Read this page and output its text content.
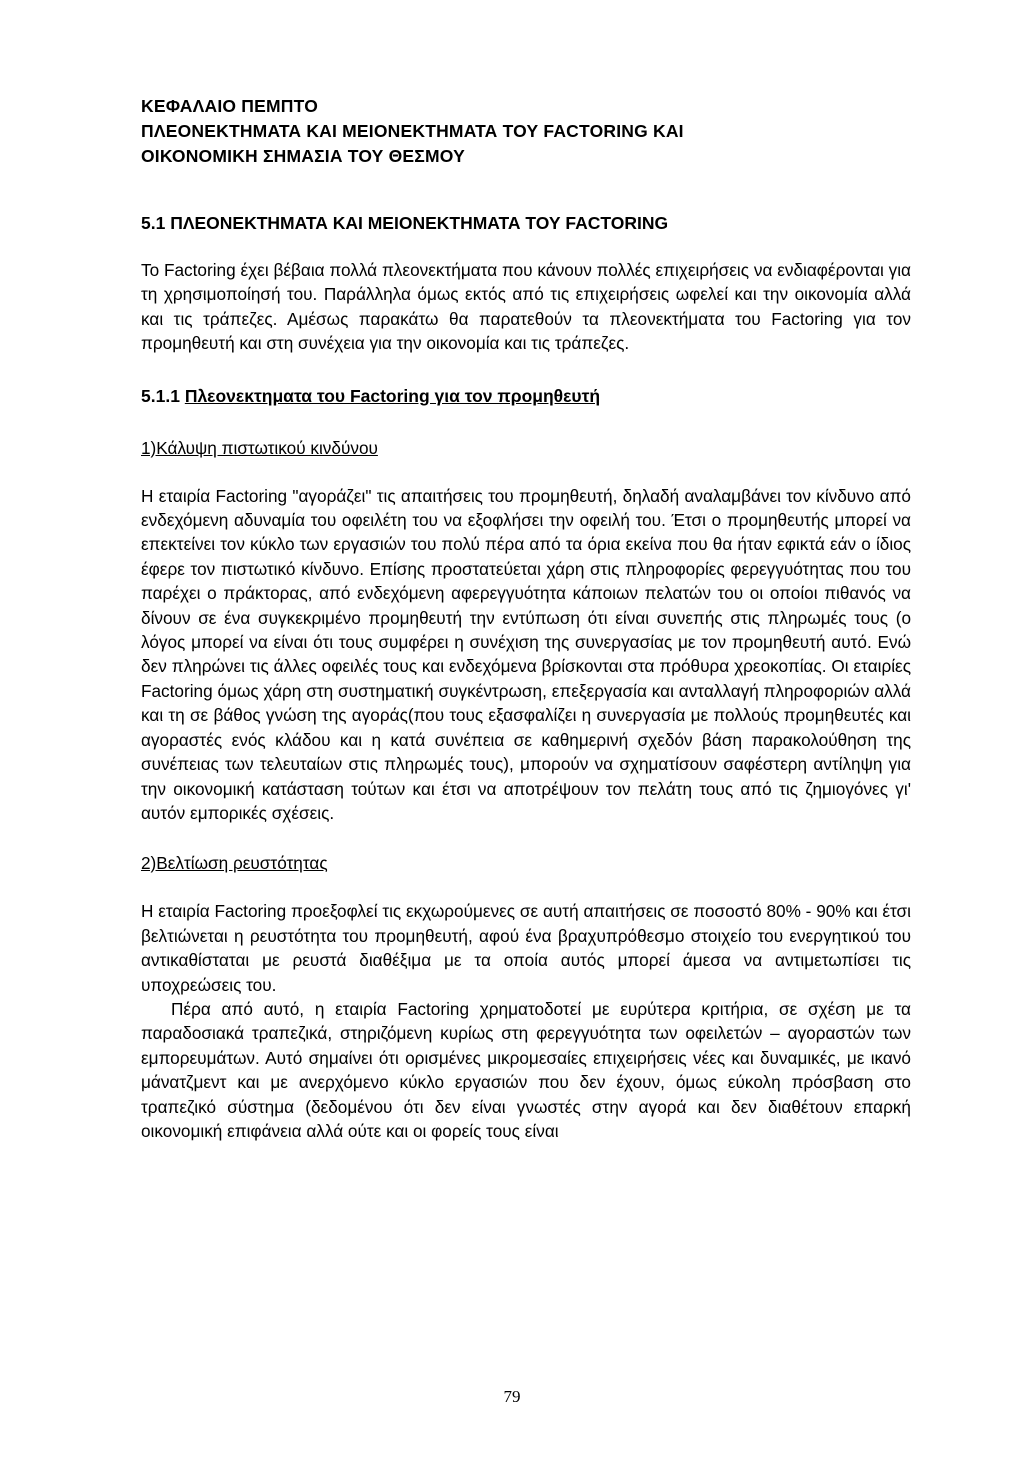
ΚΕΦΑΛΑΙΟ ΠΕΜΠΤΟ
ΠΛΕΟΝΕΚΤΗΜΑΤΑ ΚΑΙ ΜΕΙΟΝΕΚΤΗΜΑΤΑ ΤΟΥ FACTORING ΚΑΙ
ΟΙΚΟΝΟΜΙΚΗ ΣΗΜΑΣΙΑ ΤΟΥ ΘΕΣΜΟΥ
5.1 ΠΛΕΟΝΕΚΤΗΜΑΤΑ ΚΑΙ ΜΕΙΟΝΕΚΤΗΜΑΤΑ ΤΟΥ FACTORING

Το Factoring έχει βέβαια πολλά πλεονεκτήματα που κάνουν πολλές επιχειρήσεις να ενδιαφέρονται για τη χρησιμοποίησή του. Παράλληλα όμως εκτός από τις επιχειρήσεις ωφελεί και την οικονομία αλλά και τις τράπεζες. Αμέσως παρακάτω θα παρατεθούν τα πλεονεκτήματα του Factoring για τον προμηθευτή και στη συνέχεια για την οικονομία και τις τράπεζες.

5.1.1 Πλεονεκτηματα του Factoring για τον προμηθευτή
1)Κάλυψη πιστωτικού κινδύνου

Η εταιρία Factoring "αγοράζει" τις απαιτήσεις του προμηθευτή, δηλαδή αναλαμβάνει τον κίνδυνο από ενδεχόμενη αδυναμία του οφειλέτη του να εξοφλήσει την οφειλή του. Έτσι ο προμηθευτής μπορεί να επεκτείνει τον κύκλο των εργασιών του πολύ πέρα από τα όρια εκείνα που θα ήταν εφικτά εάν ο ίδιος έφερε τον πιστωτικό κίνδυνο. Επίσης προστατεύεται χάρη στις πληροφορίες φερεγγυότητας που του παρέχει ο πράκτορας, από ενδεχόμενη αφερεγγυότητα κάποιων πελατών του οι οποίοι πιθανός να δίνουν σε ένα συγκεκριμένο προμηθευτή την εντύπωση ότι είναι συνεπής στις πληρωμές τους (ο λόγος μπορεί να είναι ότι τους συμφέρει η συνέχιση της συνεργασίας με τον προμηθευτή αυτό. Ενώ δεν πληρώνει τις άλλες οφειλές τους και ενδεχόμενα βρίσκονται στα πρόθυρα χρεοκοπίας. Οι εταιρίες Factoring όμως χάρη στη συστηματική συγκέντρωση, επεξεργασία και ανταλλαγή πληροφοριών αλλά και τη σε βάθος γνώση της αγοράς(που τους εξασφαλίζει η συνεργασία με πολλούς προμηθευτές και αγοραστές ενός κλάδου και η κατά συνέπεια σε καθημερινή σχεδόν βάση παρακολούθηση της συνέπειας των τελευταίων στις πληρωμές τους), μπορούν να σχηματίσουν σαφέστερη αντίληψη για την οικονομική κατάσταση τούτων και έτσι να αποτρέψουν τον πελάτη τους από τις ζημιογόνες γι' αυτόν εμπορικές σχέσεις.

2)Βελτίωση ρευστότητας

Η εταιρία Factoring προεξοφλεί τις εκχωρούμενες σε αυτή απαιτήσεις σε ποσοστό 80% - 90% και έτσι βελτιώνεται η ρευστότητα του προμηθευτή, αφού ένα βραχυπρόθεσμο στοιχείο του ενεργητικού του αντικαθίσταται με ρευστά διαθέξιμα με τα οποία αυτός μπορεί άμεσα να αντιμετωπίσει τις υποχρεώσεις του.

Πέρα από αυτό, η εταιρία Factoring χρηματοδοτεί με ευρύτερα κριτήρια, σε σχέση με τα παραδοσιακά τραπεζικά, στηριζόμενη κυρίως στη φερεγγυότητα των οφειλετών – αγοραστών των εμπορευμάτων. Αυτό σημαίνει ότι ορισμένες μικρομεσαίες επιχειρήσεις νέες και δυναμικές, με ικανό μάνατζμεντ και με ανερχόμενο κύκλο εργασιών που δεν έχουν, όμως εύκολη πρόσβαση στο τραπεζικό σύστημα (δεδομένου ότι δεν είναι γνωστές στην αγορά και δεν διαθέτουν επαρκή οικονομική επιφάνεια αλλά ούτε και οι φορείς τους είναι

79
